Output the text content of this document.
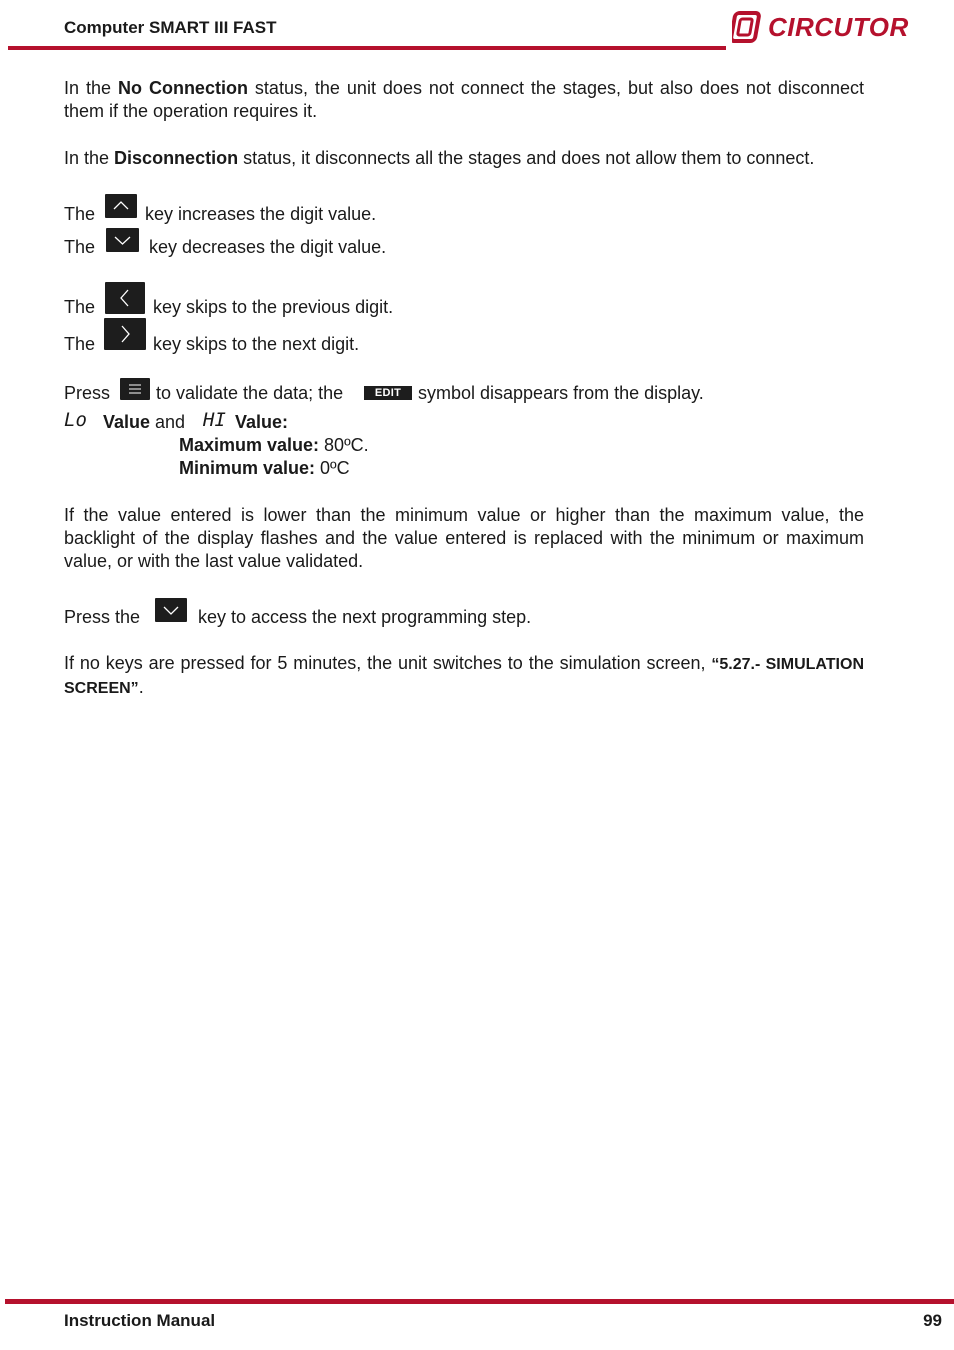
Computer SMART III FAST	CIRCUTOR
In the No Connection status, the unit does not connect the stages, but also does not disconnect them if the operation requires it.
In the Disconnection status, it disconnects all the stages and does not allow them to connect.
The	key increases the digit value.
The	key decreases the digit value.
The	key skips to the previous digit.
The	key skips to the next digit.
Press	to validate the data; the	EDIT symbol disappears from the display.
Lo Value and HI Value:
Maximum value: 80ºC.
Minimum value: 0ºC
If the value entered is lower than the minimum value or higher than the maximum value, the backlight of the display flashes and the value entered is replaced with the minimum or maximum value, or with the last value validated.
Press the	key to access the next programming step.
If no keys are pressed for 5 minutes, the unit switches to the simulation screen, “5.27.- SIMULATION SCREEN”.
Instruction Manual	99
